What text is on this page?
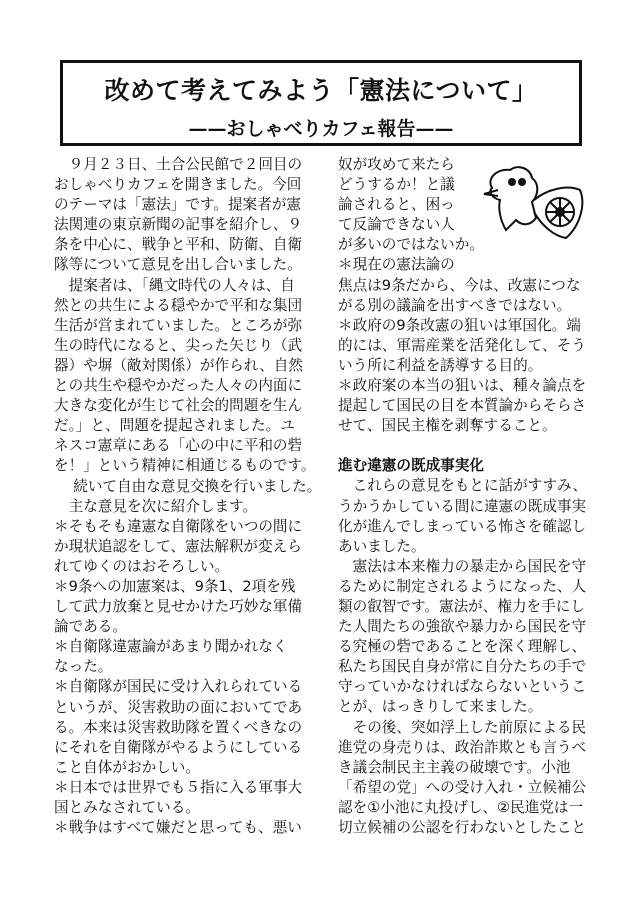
改めて考えてみよう「憲法について」
——おしゃべりカフェ報告——
　９月２３日、土合公民館で２回目の
おしゃべりカフェを開きました。今回
のテーマは「憲法」です。提案者が憲
法関連の東京新聞の記事を紹介し、９
条を中心に、戦争と平和、防衛、自衛
隊等について意見を出し合いました。
　提案者は、「縄文時代の人々は、自
然との共生による穏やかで平和な集団
生活が営まれていました。ところが弥
生の時代になると、尖った矢じり（武
器）や塀（敵対関係）が作られ、自然
との共生や穏やかだった人々の内面に
大きな変化が生じて社会的問題を生ん
だ。」と、問題を提起されました。ユ
ネスコ憲章にある「心の中に平和の砦
を！」という精神に相通じるものです。
　 続いて自由な意見交換を行いました。
　主な意見を次に紹介します。
＊そもそも違憲な自衛隊をいつの間に
か現状追認をして、憲法解釈が変えら
れてゆくのはおそろしい。
＊9条への加憲案は、9条1、2項を残
して武力放棄と見せかけた巧妙な軍備
論である。
＊自衛隊違憲論があまり聞かれなく
なった。
＊自衛隊が国民に受け入れられている
というが、災害救助の面においてであ
る。本来は災害救助隊を置くべきなの
にそれを自衛隊がやるようにしている
こと自体がおかしい。
＊日本では世界でも５指に入る軍事大
国とみなされている。
＊戦争はすべて嫌だと思っても、悪い
奴が攻めて来たら
どうするか！と議
論されると、困っ
て反論できない人
が多いのではないか。
＊現在の憲法論の
焦点は9条だから、今は、改憲につな
がる別の議論を出すべきではない。
＊政府の9条改憲の狙いは軍国化。端
的には、軍需産業を活発化して、そう
いう所に利益を誘導する目的。
＊政府案の本当の狙いは、種々論点を
提起して国民の目を本質論からそらさ
せて、国民主権を剥奪すること。
進む違憲の既成事実化
　これらの意見をもとに話がすすみ、
うかうかしている間に違憲の既成事実
化が進んでしまっている怖さを確認し
あいました。
　憲法は本来権力の暴走から国民を守
るために制定されるようになった、人
類の叡智です。憲法が、権力を手にし
た人間たちの強欲や暴力から国民を守
る究極の砦であることを深く理解し、
私たち国民自身が常に自分たちの手で
守っていかなければならないというこ
とが、はっきりして来ました。
　その後、突如浮上した前原による民
進党の身売りは、政治詐欺とも言うべ
き議会制民主主義の破壊です。小池
「希望の党」への受け入れ・立候補公
認を①小池に丸投げし、②民進党は一
切立候補の公認を行わないとしたこと
